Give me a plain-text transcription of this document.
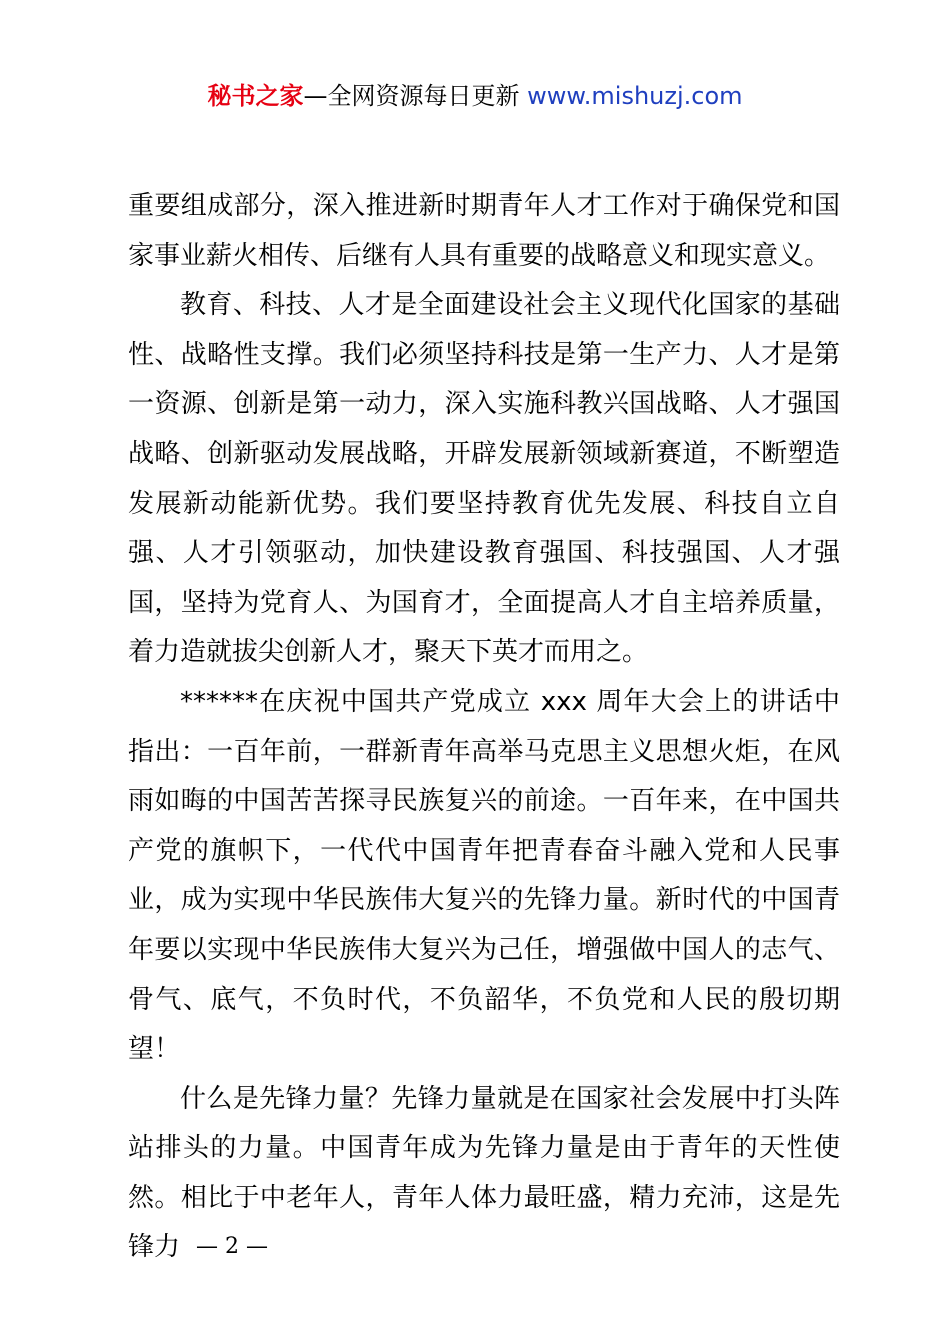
秘书之家—全网资源每日更新 www.mishuzj.com

重要组成部分，深入推进新时期青年人才工作对于确保党和国家事业薪火相传、后继有人具有重要的战略意义和现实意义。

教育、科技、人才是全面建设社会主义现代化国家的基础性、战略性支撑。我们必须坚持科技是第一生产力、人才是第一资源、创新是第一动力，深入实施科教兴国战略、人才强国战略、创新驱动发展战略，开辟发展新领域新赛道，不断塑造发展新动能新优势。我们要坚持教育优先发展、科技自立自强、人才引领驱动，加快建设教育强国、科技强国、人才强国，坚持为党育人、为国育才，全面提高人才自主培养质量，着力造就拔尖创新人才，聚天下英才而用之。

******在庆祝中国共产党成立 xxx 周年大会上的讲话中指出：一百年前，一群新青年高举马克思主义思想火炬，在风雨如晦的中国苦苦探寻民族复兴的前途。一百年来，在中国共产党的旗帜下，一代代中国青年把青春奋斗融入党和人民事业，成为实现中华民族伟大复兴的先锋力量。新时代的中国青年要以实现中华民族伟大复兴为己任，增强做中国人的志气、骨气、底气，不负时代，不负韶华，不负党和人民的殷切期望！

什么是先锋力量？先锋力量就是在国家社会发展中打头阵站排头的力量。中国青年成为先锋力量是由于青年的天性使然。相比于中老年人，青年人体力最旺盛，精力充沛，这是先锋力 — 2 —
